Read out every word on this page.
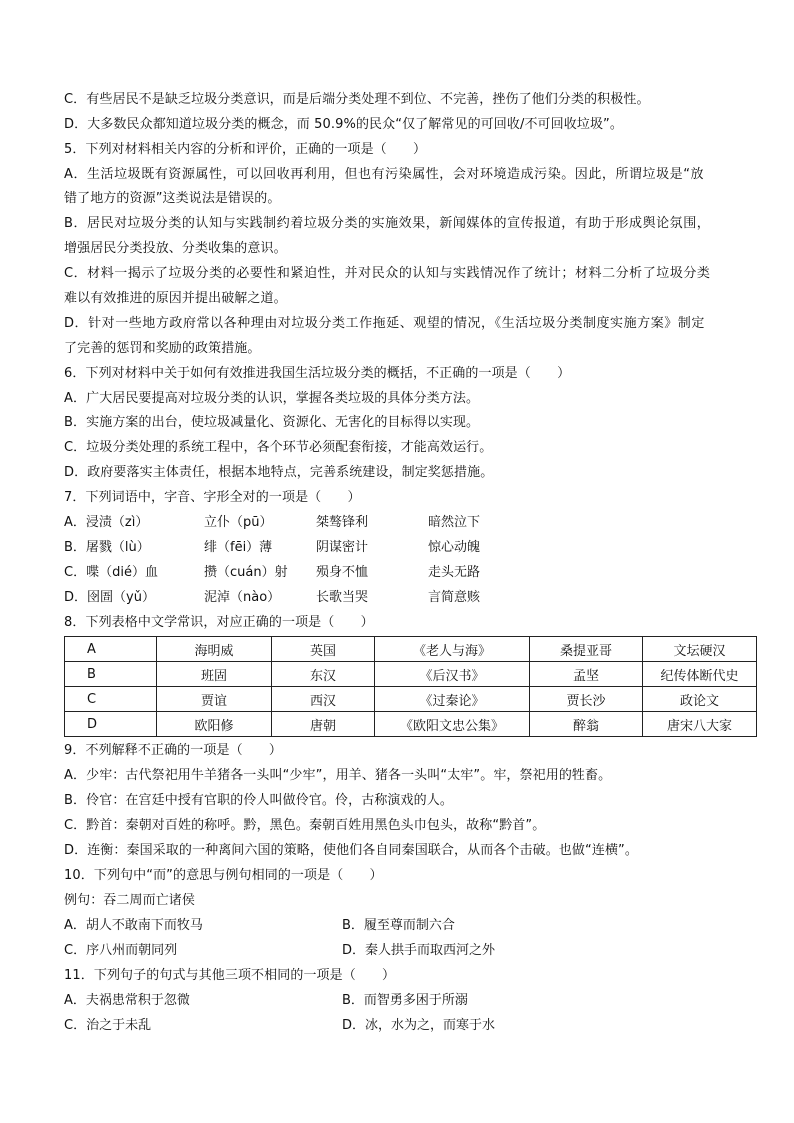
C．有些居民不是缺乏垃圾分类意识，而是后端分类处理不到位、不完善，挫伤了他们分类的积极性。
D．大多数民众都知道垃圾分类的概念，而 50.9%的民众“仅了解常见的可回收/不可回收垃圾”。
5．下列对材料相关内容的分析和评价，正确的一项是（　　）
A．生活垃圾既有资源属性，可以回收再利用，但也有污染属性，会对环境造成污染。因此，所谓垃圾是“放
错了地方的资源”这类说法是错误的。
B．居民对垃圾分类的认知与实践制约着垃圾分类的实施效果，新闻媒体的宣传报道，有助于形成舆论氛围，
增强居民分类投放、分类收集的意识。
C．材料一揭示了垃圾分类的必要性和紧迫性，并对民众的认知与实践情况作了统计；材料二分析了垃圾分类
难以有效推进的原因并提出破解之道。
D．针对一些地方政府常以各种理由对垃圾分类工作拖延、观望的情况，《生活垃圾分类制度实施方案》制定
了完善的惩罚和奖励的政策措施。
6．下列对材料中关于如何有效推进我国生活垃圾分类的概括，不正确的一项是（　　）
A．广大居民要提高对垃圾分类的认识，掌握各类垃圾的具体分类方法。
B．实施方案的出台，使垃圾减量化、资源化、无害化的目标得以实现。
C．垃圾分类处理的系统工程中，各个环节必须配套衔接，才能高效运行。
D．政府要落实主体责任，根据本地特点，完善系统建设，制定奖惩措施。
7．下列词语中，字音、字形全对的一项是（　　）
A．浸渍（zì）	立仆（pū）	桀骜锋利	暗然泣下
B．屠戮（lù）	绯（fēi）薄	阴谋密计	惊心动魄
C．喋（dié）血	攒（cuán）射 殒身不恤	走头无路
D．囹圄（yǔ）	泥淖（nào）	长歌当哭	言简意赅
8．下列表格中文学常识，对应正确的一项是（　　）
A	海明威	英国	《老人与海》	桑提亚哥	文坛硬汉
B	班固	东汉	《后汉书》	孟坚	纪传体断代史
C	贾谊	西汉	《过秦论》	贾长沙	政论文
D	欧阳修	唐朝	《欧阳文忠公集》	醉翁	唐宋八大家
9．不列解释不正确的一项是（　　）
A．少牢：古代祭祀用牛羊猪各一头叫“少牢”，用羊、猪各一头叫“太牢”。牢，祭祀用的牲畜。
B．伶官：在宫廷中授有官职的伶人叫做伶官。伶，古称演戏的人。
C．黔首：秦朝对百姓的称呼。黔，黑色。秦朝百姓用黑色头巾包头，故称“黔首”。
D．连衡：秦国采取的一种离间六国的策略，使他们各自同秦国联合，从而各个击破。也做“连横”。
10．下列句中“而”的意思与例句相同的一项是（　　）
例句：吞二周而亡诸侯
A．胡人不敢南下而牧马	B．履至尊而制六合
C．序八州而朝同列	D．秦人拱手而取西河之外
11．下列句子的句式与其他三项不相同的一项是（　　）
A．夫祸患常积于忽微	B．而智勇多困于所溺
C．治之于未乱	D．冰，水为之，而寒于水
